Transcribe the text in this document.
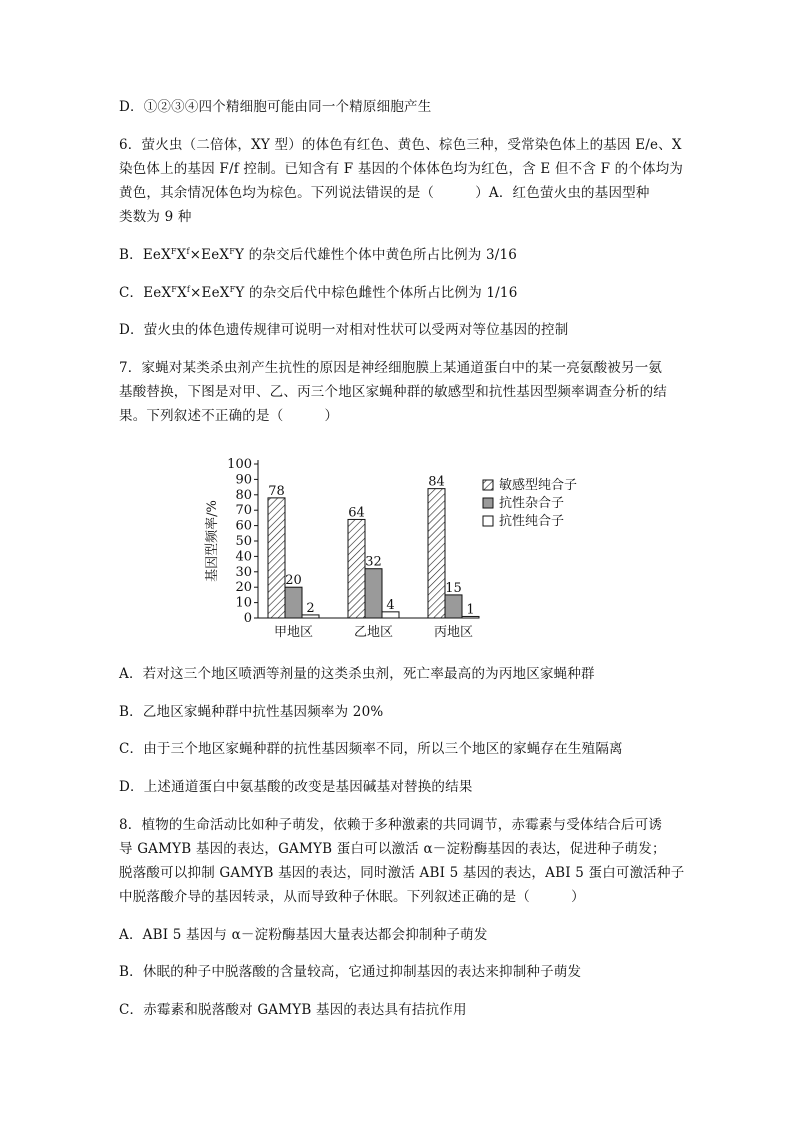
D．①②③④四个精细胞可能由同一个精原细胞产生
6．萤火虫（二倍体，XY 型）的体色有红色、黄色、棕色三种，受常染色体上的基因 E/e、X
染色体上的基因 F/f 控制。已知含有 F 基因的个体体色均为红色，含 E 但不含 F 的个体均为
黄色，其余情况体色均为棕色。下列说法错误的是（　　　）A．红色萤火虫的基因型种
类数为 9 种
B．$EeX^FX^f\times EeX^FY$ 的杂交后代雄性个体中黄色所占比例为 3/16
C．$EeX^FX^f\times EeX^FY$ 的杂交后代中棕色雌性个体所占比例为 1/16
D．萤火虫的体色遗传规律可说明一对相对性状可以受两对等位基因的控制
7．家蝇对某类杀虫剂产生抗性的原因是神经细胞膜上某通道蛋白中的某一亮氨酸被另一氨
基酸替换，下图是对甲、乙、丙三个地区家蝇种群的敏感型和抗性基因型频率调查分析的结
果。下列叙述不正确的是（　　　）
0
10
20
30
40
50
60
70
80
90
100
基因型频率/%
甲地区	乙地区	丙地区
78
20
2
64
32
4
84
15
1
敏感型纯合子
抗性杂合子
抗性纯合子
A．若对这三个地区喷洒等剂量的这类杀虫剂，死亡率最高的为丙地区家蝇种群
B．乙地区家蝇种群中抗性基因频率为 20%
C．由于三个地区家蝇种群的抗性基因频率不同，所以三个地区的家蝇存在生殖隔离
D．上述通道蛋白中氨基酸的改变是基因碱基对替换的结果
8．植物的生命活动比如种子萌发，依赖于多种激素的共同调节，赤霉素与受体结合后可诱
导 GAMYB 基因的表达，GAMYB 蛋白可以激活 α－淀粉酶基因的表达，促进种子萌发；
脱落酸可以抑制 GAMYB 基因的表达，同时激活 ABI 5 基因的表达，ABI 5 蛋白可激活种子
中脱落酸介导的基因转录，从而导致种子休眠。下列叙述正确的是（　　　）
A．ABI 5 基因与 α－淀粉酶基因大量表达都会抑制种子萌发
B．休眠的种子中脱落酸的含量较高，它通过抑制基因的表达来抑制种子萌发
C．赤霉素和脱落酸对 GAMYB 基因的表达具有拮抗作用
